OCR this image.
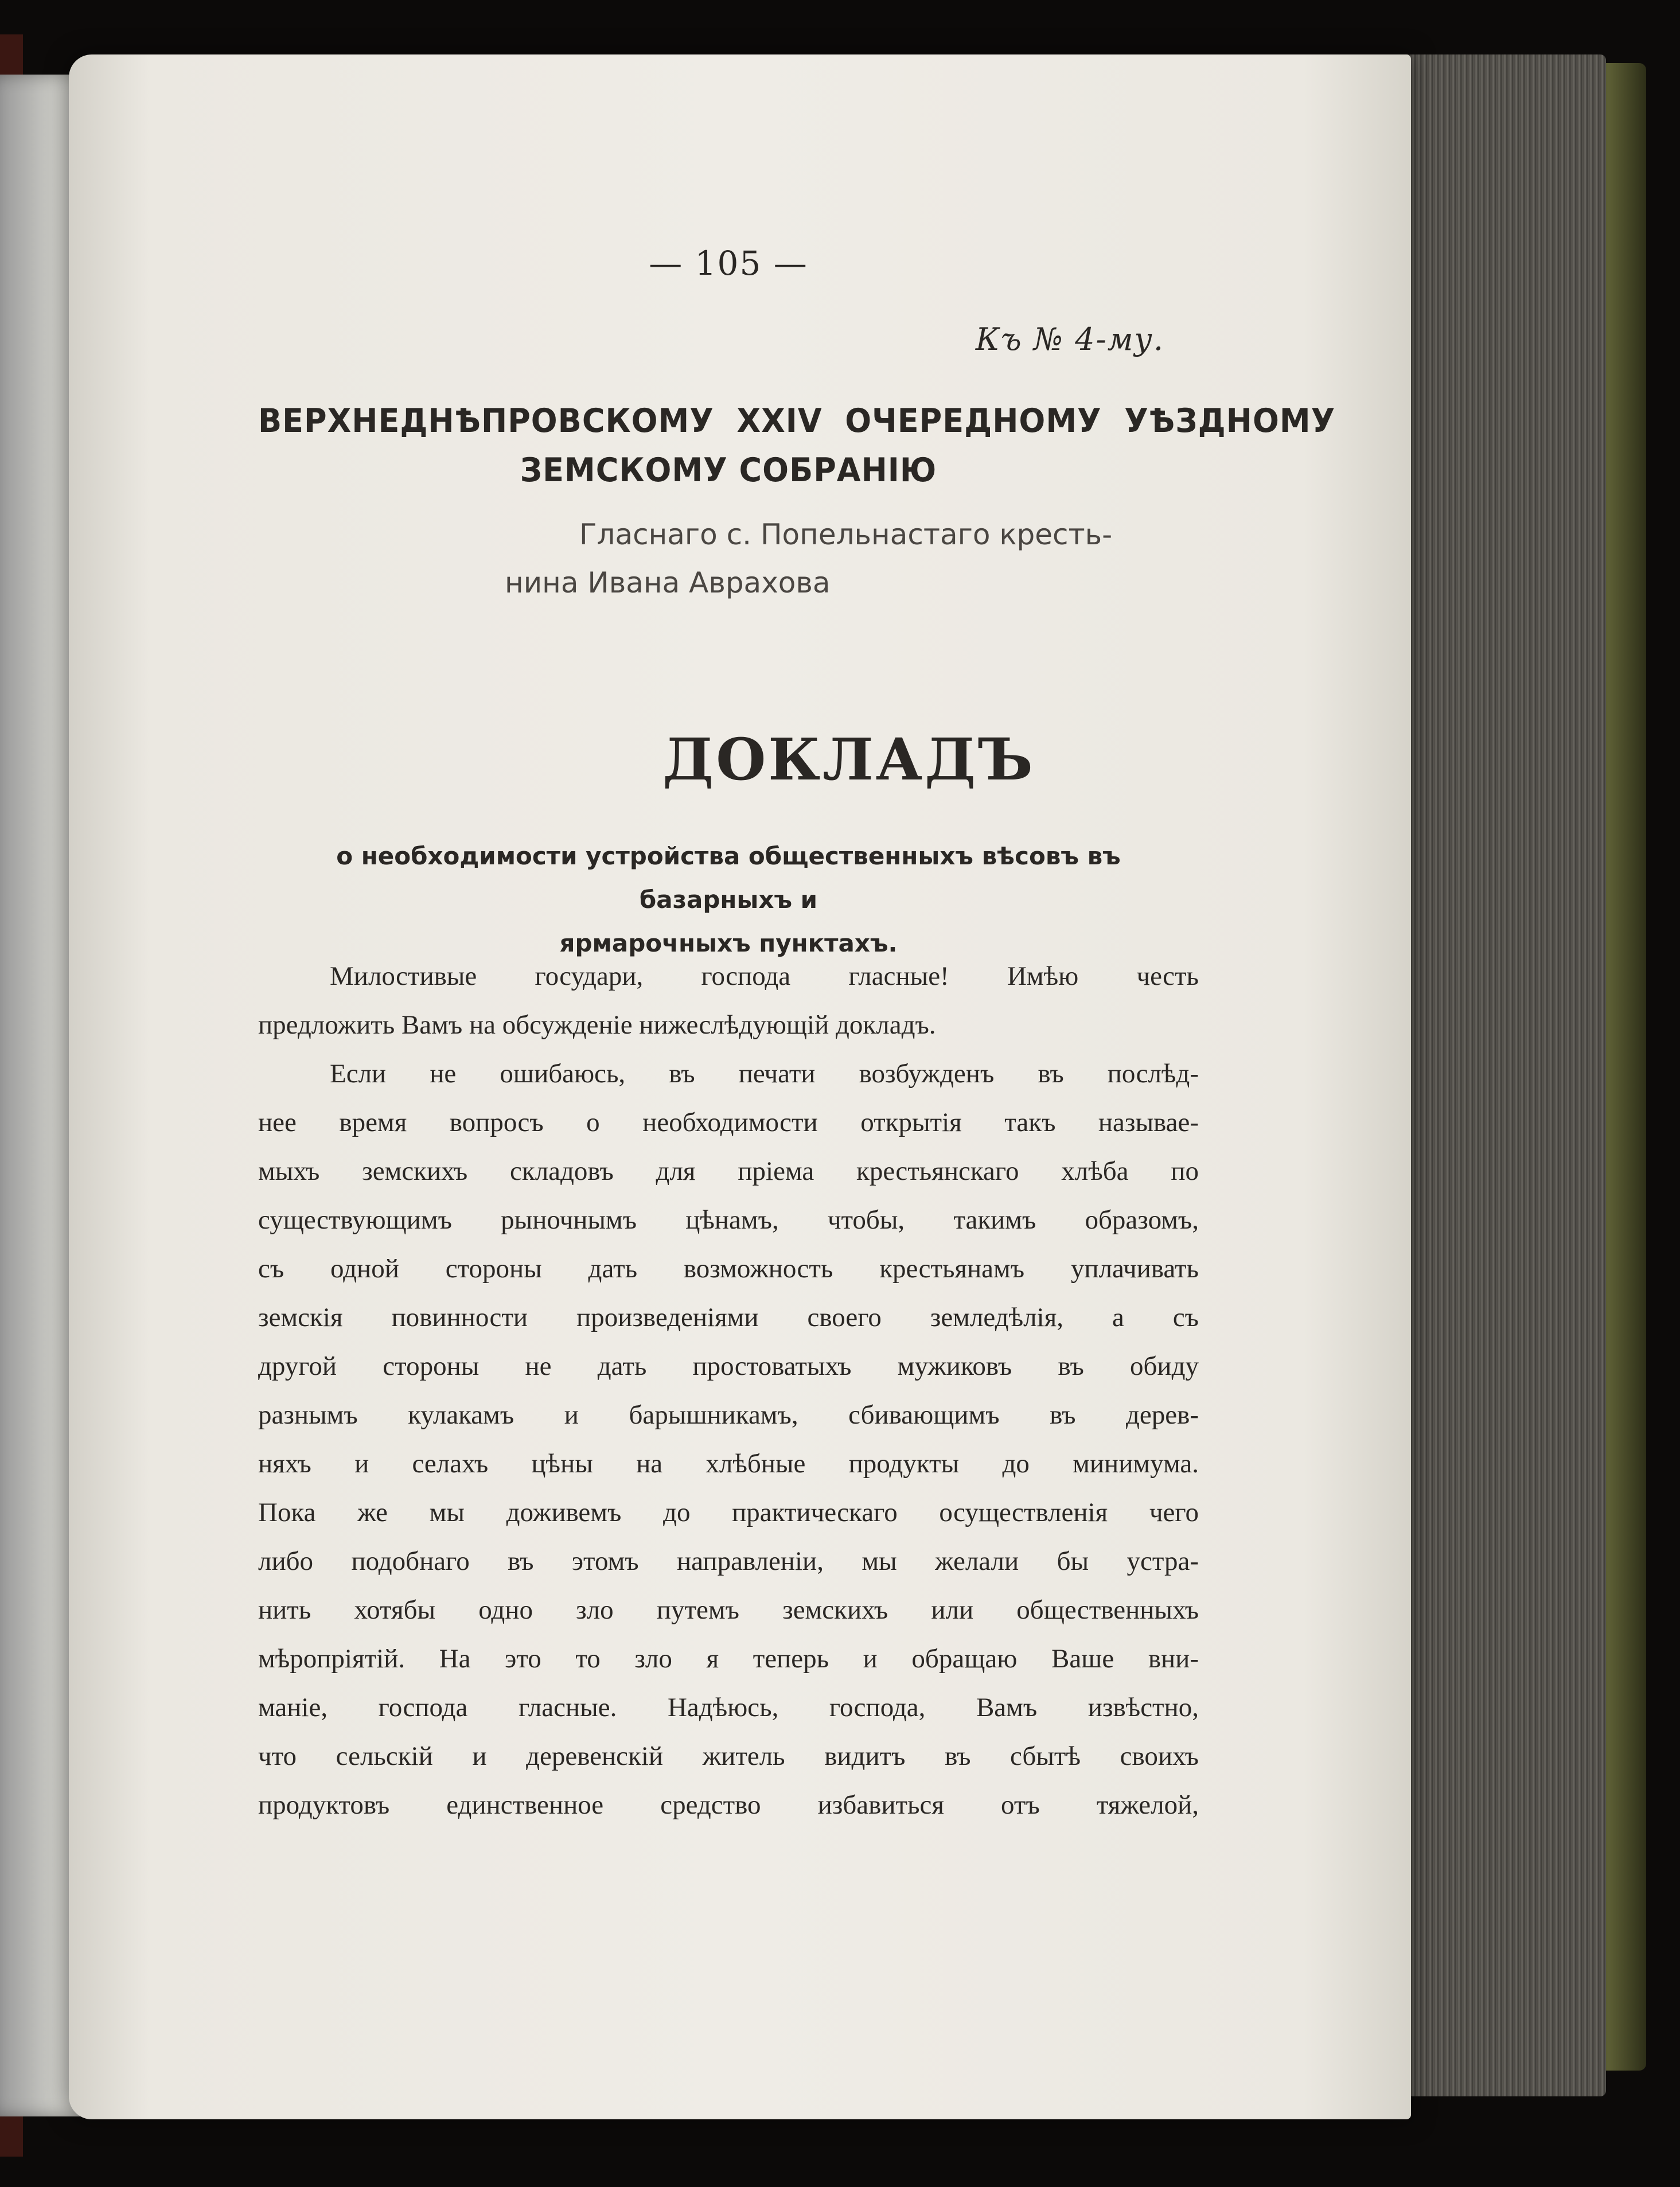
— 105 —
Къ № 4-му.
ВЕРХНЕДНѢПРОВСКОМУ  XXIV  ОЧЕРЕДНОМУ  УѢЗДНОМУ
ЗЕМСКОМУ СОБРАНІЮ
Гласнаго с. Попельнастаго кресть-
нина Ивана Аврахова
ДОКЛАДЪ
о необходимости устройства общественныхъ вѣсовъ въ базарныхъ и
ярмарочныхъ пунктахъ.
Милостивые государи, господа гласные! Имѣю честь
предложить Вамъ на обсужденіе нижеслѣдующій докладъ.
Если не ошибаюсь, въ печати возбужденъ въ послѣд-
нее время вопросъ о необходимости открытія такъ называе-
мыхъ земскихъ складовъ для пріема крестьянскаго хлѣба по
существующимъ рыночнымъ цѣнамъ, чтобы, такимъ образомъ,
съ одной стороны дать возможность крестьянамъ уплачивать
земскія повинности произведеніями своего земледѣлія, а съ
другой стороны не дать простоватыхъ мужиковъ въ обиду
разнымъ кулакамъ и барышникамъ, сбивающимъ въ дерев-
няхъ и селахъ цѣны на хлѣбные продукты до минимума.
Пока же мы доживемъ до практическаго осуществленія чего
либо подобнаго въ этомъ направленіи, мы желали бы устра-
нить хотябы одно зло путемъ земскихъ или общественныхъ
мѣропріятій. На это то зло я теперь и обращаю Ваше вни-
маніе, господа гласные. Надѣюсь, господа, Вамъ извѣстно,
что сельскій и деревенскій житель видитъ въ сбытѣ своихъ
продуктовъ единственное средство избавиться отъ тяжелой,
